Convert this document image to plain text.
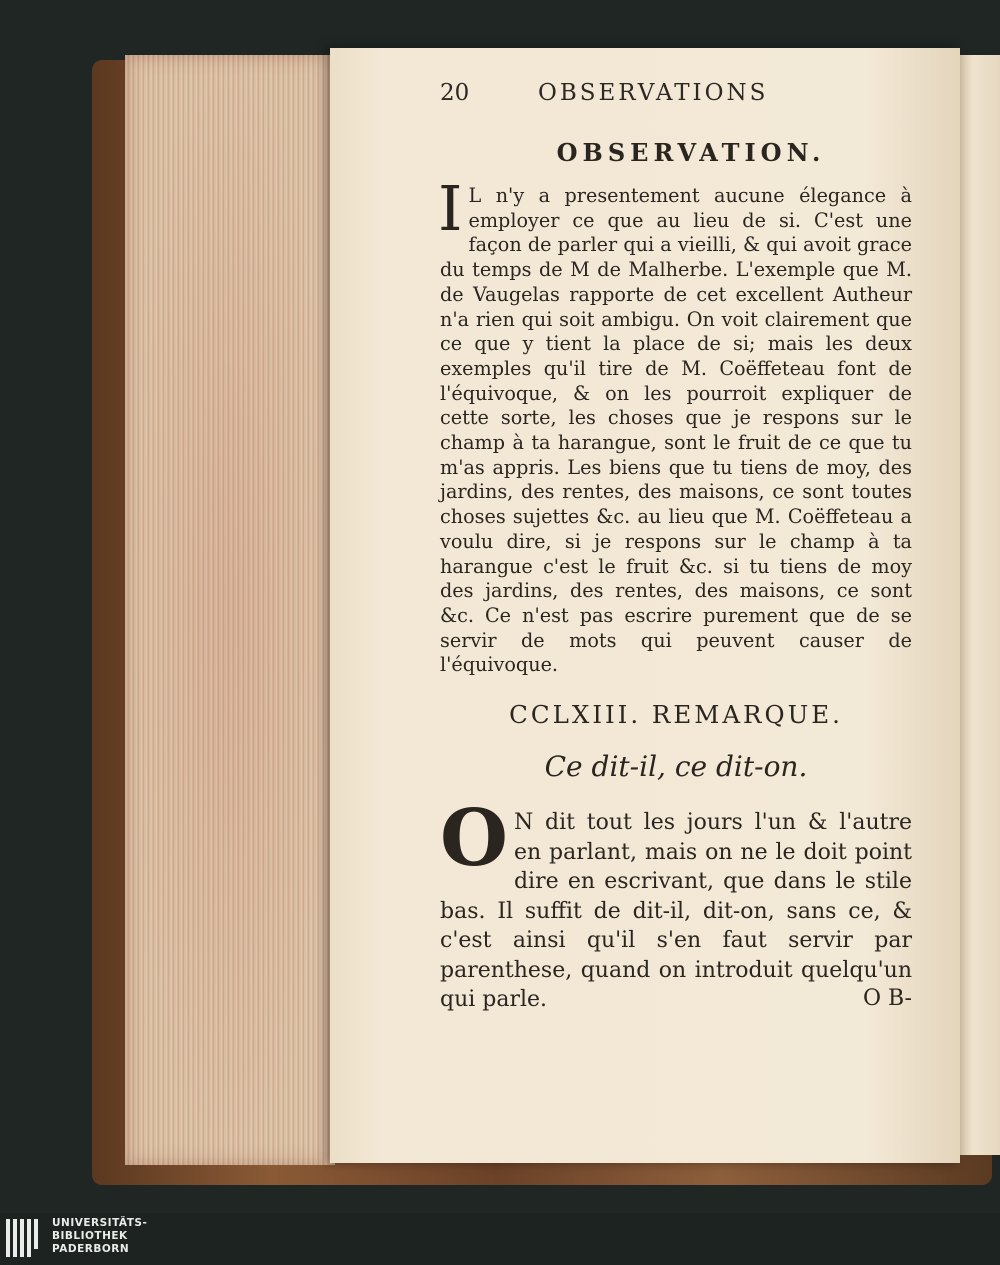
20	OBSERVATIONS
OBSERVATION.
I L n'y a presentement aucune élegance à employer ce que au lieu de si. C'est une façon de parler qui a vieilli, & qui avoit grace du temps de M de Malherbe. L'exemple que M. de Vaugelas rapporte de cet excellent Autheur n'a rien qui soit ambigu. On voit clairement que ce que y tient la place de si; mais les deux exemples qu'il tire de M. Coëffeteau font de l'équivoque, & on les pourroit expliquer de cette sorte, les choses que je respons sur le champ à ta harangue, sont le fruit de ce que tu m'as appris. Les biens que tu tiens de moy, des jardins, des rentes, des maisons, ce sont toutes choses sujettes &c. au lieu que M. Coëffeteau a voulu dire, si je respons sur le champ à ta harangue c'est le fruit &c. si tu tiens de moy des jardins, des rentes, des maisons, ce sont &c. Ce n'est pas escrire purement que de se servir de mots qui peuvent causer de l'équivoque.
CCLXIII. REMARQUE.
Ce dit-il, ce dit-on.
O N dit tout les jours l'un & l'autre en parlant, mais on ne le doit point dire en escrivant, que dans le stile bas. Il suffit de dit-il, dit-on, sans ce, & c'est ainsi qu'il s'en faut servir par parenthese, quand on introduit quelqu'un qui parle.	O B-
UNIVERSITÄTS-
BIBLIOTHEK
PADERBORN
